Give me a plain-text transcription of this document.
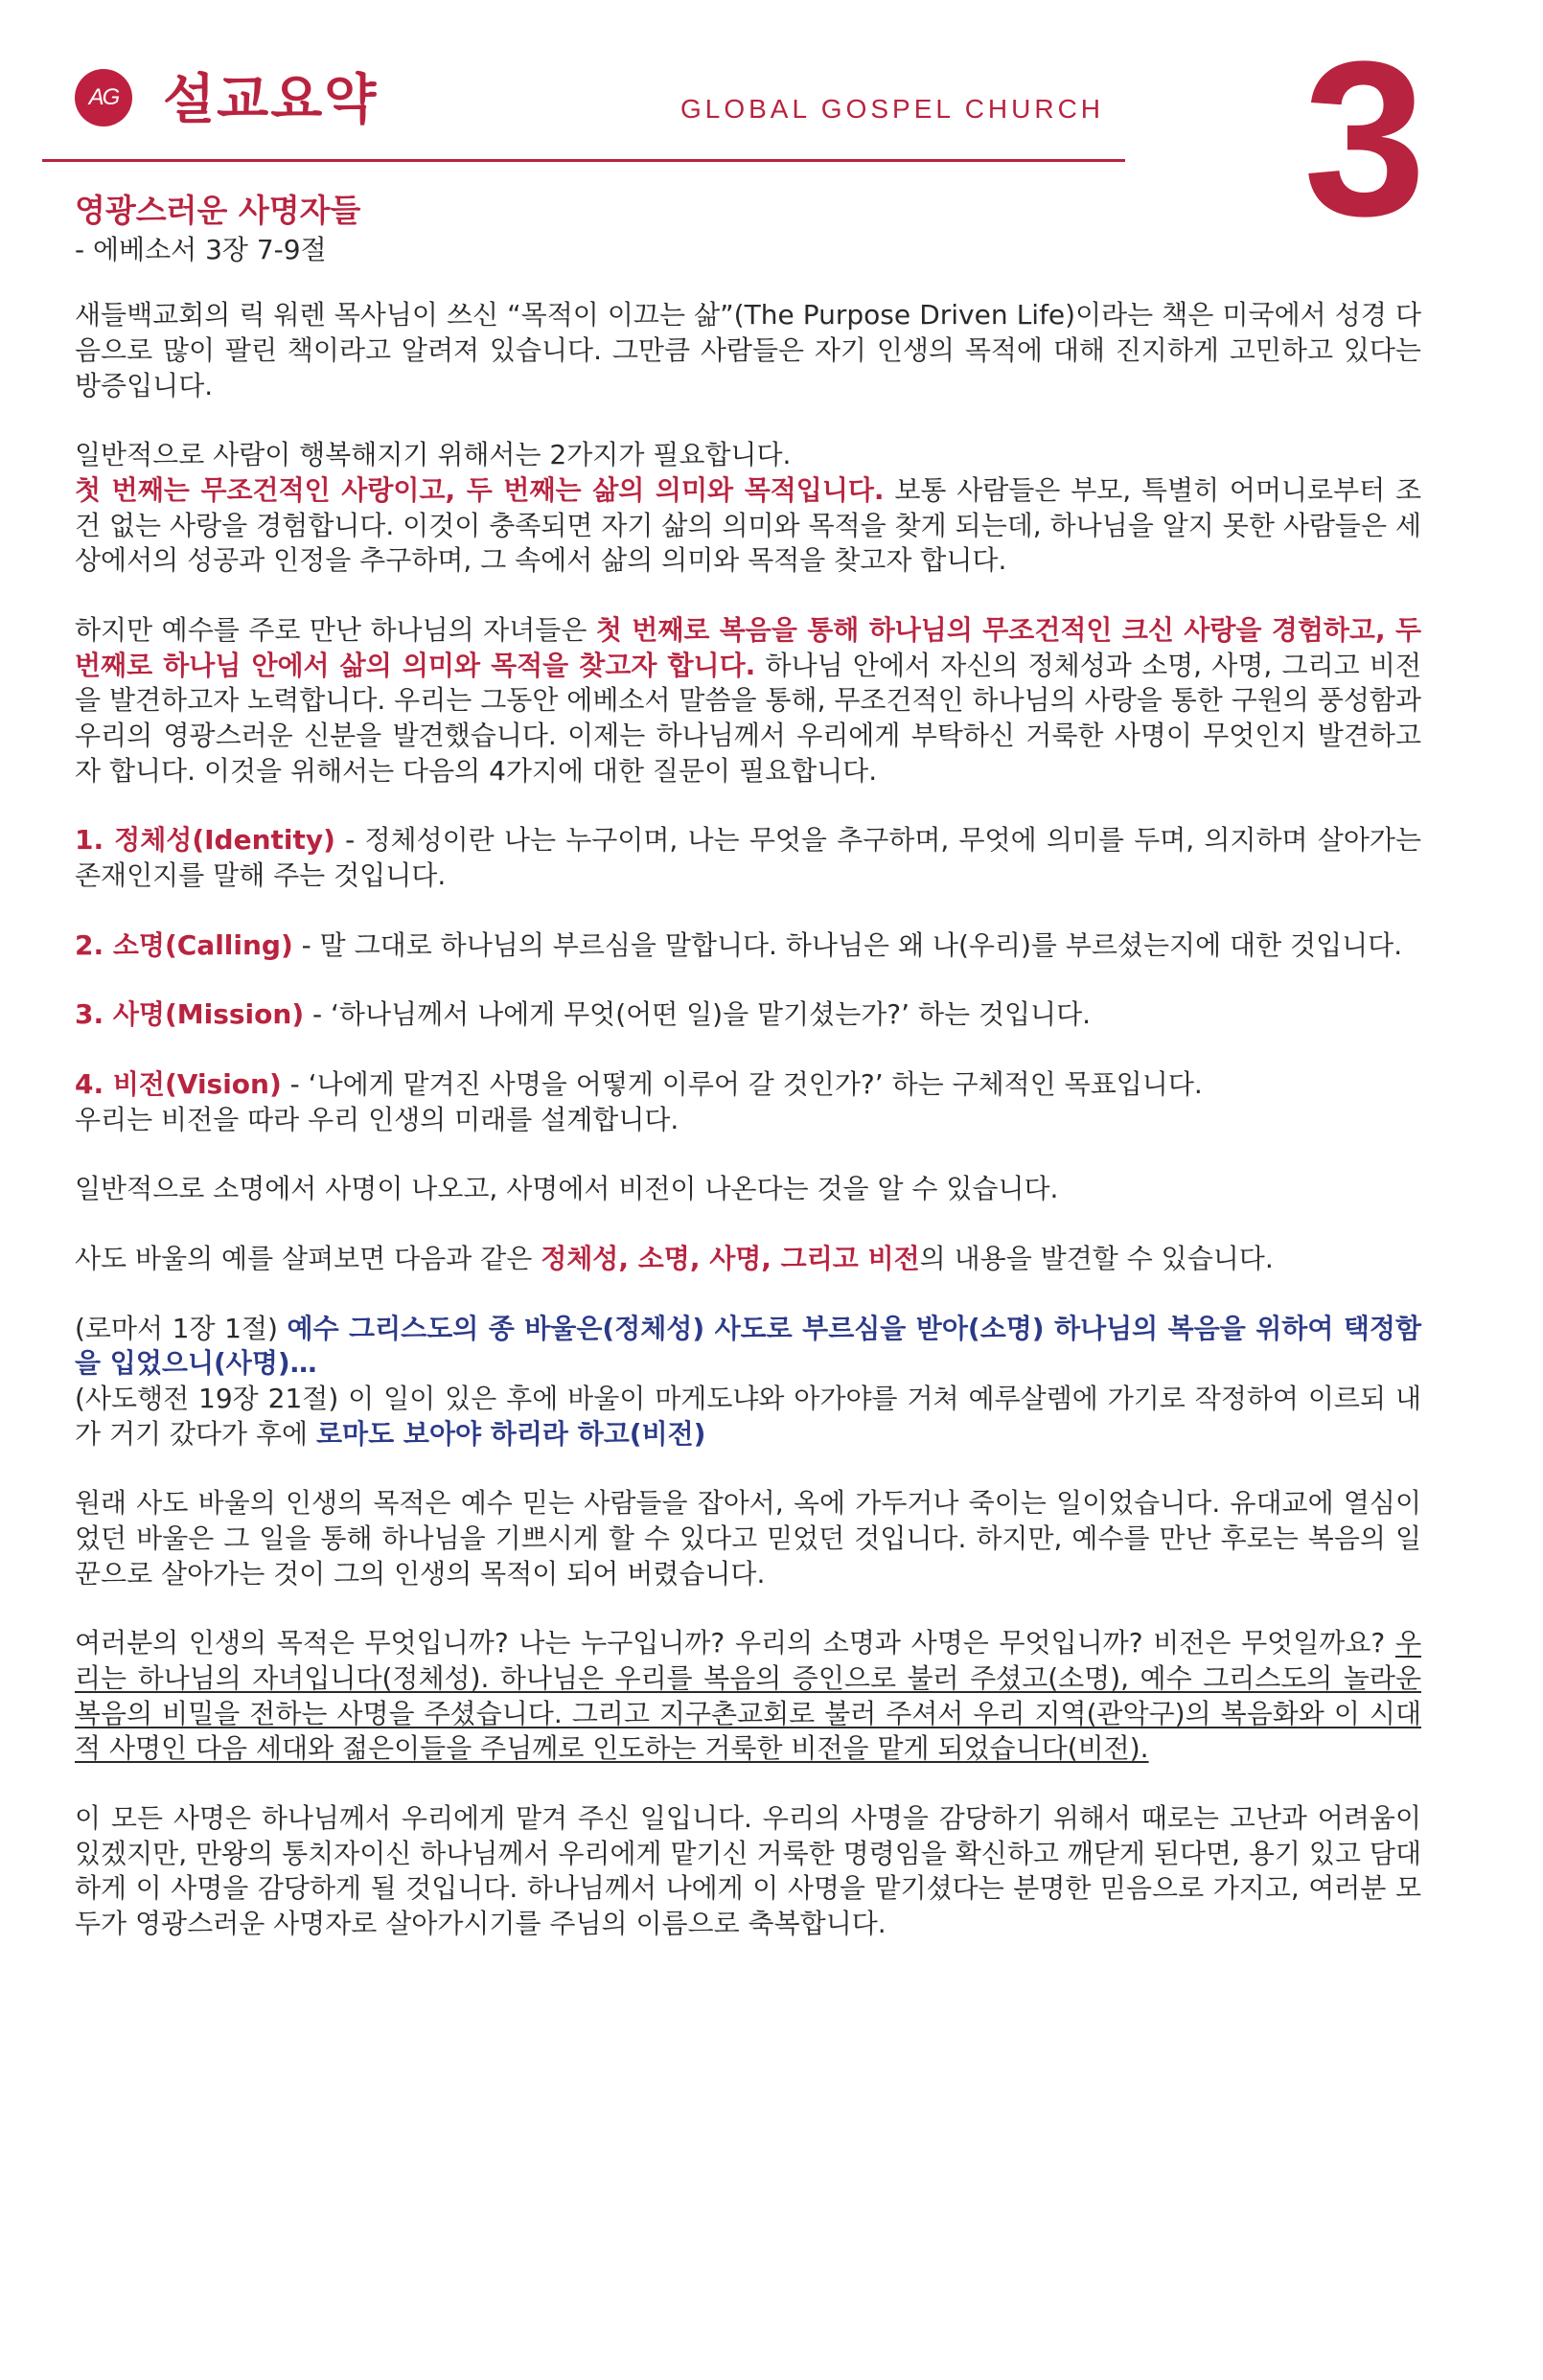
AG 설교요약	GLOBAL GOSPEL CHURCH 3
영광스러운 사명자들
- 에베소서 3장 7-9절

새들백교회의 릭 워렌 목사님이 쓰신 “목적이 이끄는 삶”(The Purpose Driven Life)이라는 책은 미국에서 성경 다음으로 많이 팔린 책이라고 알려져 있습니다. 그만큼 사람들은 자기 인생의 목적에 대해 진지하게 고민하고 있다는 방증입니다.

일반적으로 사람이 행복해지기 위해서는 2가지가 필요합니다.
첫 번째는 무조건적인 사랑이고, 두 번째는 삶의 의미와 목적입니다. 보통 사람들은 부모, 특별히 어머니로부터 조건 없는 사랑을 경험합니다. 이것이 충족되면 자기 삶의 의미와 목적을 찾게 되는데, 하나님을 알지 못한 사람들은 세상에서의 성공과 인정을 추구하며, 그 속에서 삶의 의미와 목적을 찾고자 합니다.

하지만 예수를 주로 만난 하나님의 자녀들은 첫 번째로 복음을 통해 하나님의 무조건적인 크신 사랑을 경험하고, 두 번째로 하나님 안에서 삶의 의미와 목적을 찾고자 합니다. 하나님 안에서 자신의 정체성과 소명, 사명, 그리고 비전을 발견하고자 노력합니다. 우리는 그동안 에베소서 말씀을 통해, 무조건적인 하나님의 사랑을 통한 구원의 풍성함과 우리의 영광스러운 신분을 발견했습니다. 이제는 하나님께서 우리에게 부탁하신 거룩한 사명이 무엇인지 발견하고자 합니다. 이것을 위해서는 다음의 4가지에 대한 질문이 필요합니다.

1. 정체성(Identity) - 정체성이란 나는 누구이며, 나는 무엇을 추구하며, 무엇에 의미를 두며, 의지하며 살아가는 존재인지를 말해 주는 것입니다.

2. 소명(Calling) - 말 그대로 하나님의 부르심을 말합니다. 하나님은 왜 나(우리)를 부르셨는지에 대한 것입니다.

3. 사명(Mission) - ‘하나님께서 나에게 무엇(어떤 일)을 맡기셨는가?’ 하는 것입니다.

4. 비전(Vision) - ‘나에게 맡겨진 사명을 어떻게 이루어 갈 것인가?’ 하는 구체적인 목표입니다.
우리는 비전을 따라 우리 인생의 미래를 설계합니다.

일반적으로 소명에서 사명이 나오고, 사명에서 비전이 나온다는 것을 알 수 있습니다.

사도 바울의 예를 살펴보면 다음과 같은 정체성, 소명, 사명, 그리고 비전의 내용을 발견할 수 있습니다.

(로마서 1장 1절) 예수 그리스도의 종 바울은(정체성) 사도로 부르심을 받아(소명) 하나님의 복음을 위하여 택정함을 입었으니(사명)…
(사도행전 19장 21절) 이 일이 있은 후에 바울이 마게도냐와 아가야를 거쳐 예루살렘에 가기로 작정하여 이르되 내가 거기 갔다가 후에 로마도 보아야 하리라 하고(비전)

원래 사도 바울의 인생의 목적은 예수 믿는 사람들을 잡아서, 옥에 가두거나 죽이는 일이었습니다. 유대교에 열심이었던 바울은 그 일을 통해 하나님을 기쁘시게 할 수 있다고 믿었던 것입니다. 하지만, 예수를 만난 후로는 복음의 일꾼으로 살아가는 것이 그의 인생의 목적이 되어 버렸습니다.

여러분의 인생의 목적은 무엇입니까? 나는 누구입니까? 우리의 소명과 사명은 무엇입니까? 비전은 무엇일까요? 우리는 하나님의 자녀입니다(정체성). 하나님은 우리를 복음의 증인으로 불러 주셨고(소명), 예수 그리스도의 놀라운 복음의 비밀을 전하는 사명을 주셨습니다. 그리고 지구촌교회로 불러 주셔서 우리 지역(관악구)의 복음화와 이 시대적 사명인 다음 세대와 젊은이들을 주님께로 인도하는 거룩한 비전을 맡게 되었습니다(비전).

이 모든 사명은 하나님께서 우리에게 맡겨 주신 일입니다. 우리의 사명을 감당하기 위해서 때로는 고난과 어려움이 있겠지만, 만왕의 통치자이신 하나님께서 우리에게 맡기신 거룩한 명령임을 확신하고 깨닫게 된다면, 용기 있고 담대하게 이 사명을 감당하게 될 것입니다. 하나님께서 나에게 이 사명을 맡기셨다는 분명한 믿음으로 가지고, 여러분 모두가 영광스러운 사명자로 살아가시기를 주님의 이름으로 축복합니다.
